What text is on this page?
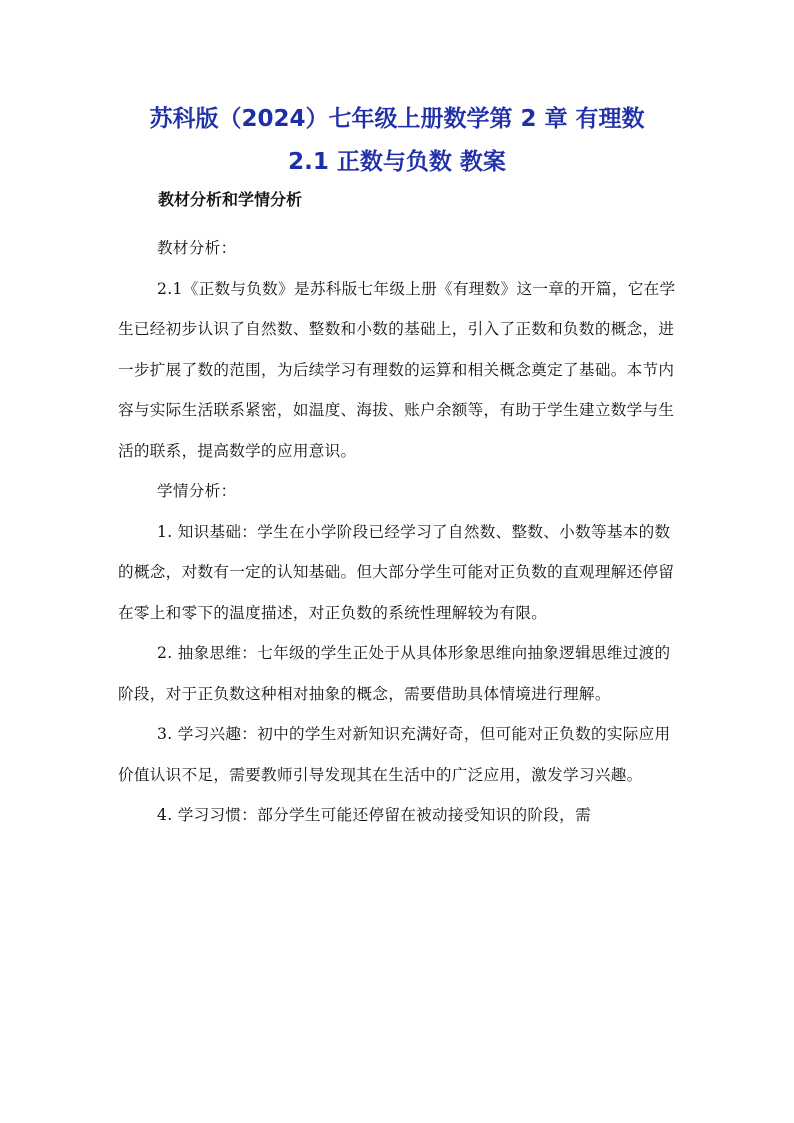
苏科版（2024）七年级上册数学第 2 章 有理数
2.1 正数与负数 教案
教材分析和学情分析

教材分析：

2.1《正数与负数》是苏科版七年级上册《有理数》这一章的开篇，它在学生已经初步认识了自然数、整数和小数的基础上，引入了正数和负数的概念，进一步扩展了数的范围，为后续学习有理数的运算和相关概念奠定了基础。本节内容与实际生活联系紧密，如温度、海拔、账户余额等，有助于学生建立数学与生活的联系，提高数学的应用意识。

学情分析：

1. 知识基础：学生在小学阶段已经学习了自然数、整数、小数等基本的数的概念，对数有一定的认知基础。但大部分学生可能对正负数的直观理解还停留在零上和零下的温度描述，对正负数的系统性理解较为有限。

2. 抽象思维：七年级的学生正处于从具体形象思维向抽象逻辑思维过渡的阶段，对于正负数这种相对抽象的概念，需要借助具体情境进行理解。

3. 学习兴趣：初中的学生对新知识充满好奇，但可能对正负数的实际应用价值认识不足，需要教师引导发现其在生活中的广泛应用，激发学习兴趣。

4. 学习习惯：部分学生可能还停留在被动接受知识的阶段，需
